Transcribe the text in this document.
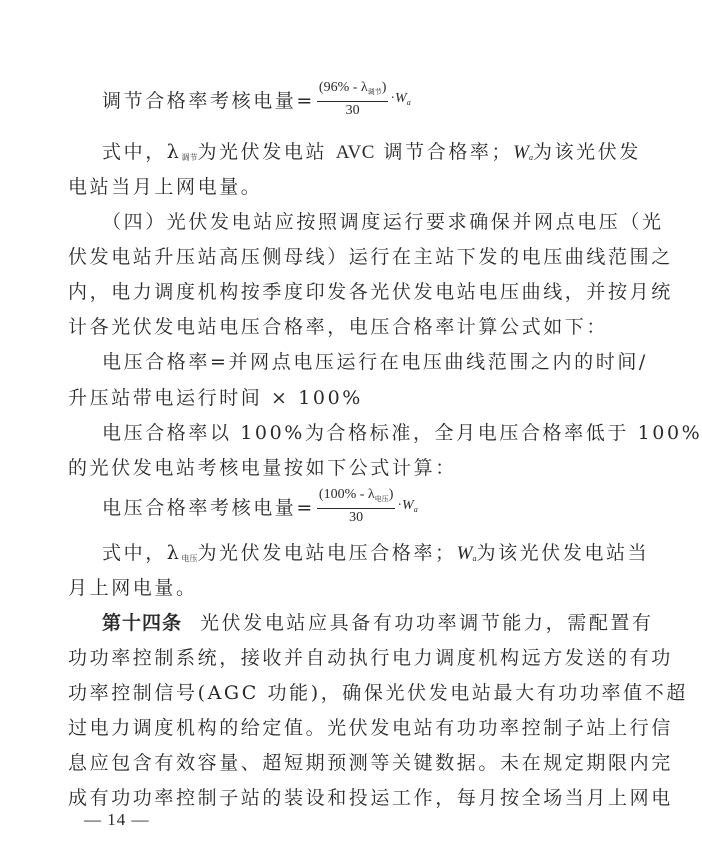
调节合格率考核电量= $\frac{(96\% - \lambda_{调节})}{30} \cdot W_a$
式中，$\lambda_{调节}$为光伏发电站 AVC 调节合格率；$W_a$为该光伏发
电站当月上网电量。
（四）光伏发电站应按照调度运行要求确保并网点电压（光
伏发电站升压站高压侧母线）运行在主站下发的电压曲线范围之
内，电力调度机构按季度印发各光伏发电站电压曲线，并按月统
计各光伏发电站电压合格率，电压合格率计算公式如下：
电压合格率=并网点电压运行在电压曲线范围之内的时间/
升压站带电运行时间 × 100%
电压合格率以 100%为合格标准，全月电压合格率低于 100%
的光伏发电站考核电量按如下公式计算：
电压合格率考核电量= $\frac{(100\% - \lambda_{电压})}{30} \cdot W_a$
式中，$\lambda_{电压}$为光伏发电站电压合格率；$W_a$为该光伏发电站当
月上网电量。
第十四条 光伏发电站应具备有功功率调节能力，需配置有
功功率控制系统，接收并自动执行电力调度机构远方发送的有功
功率控制信号(AGC 功能)，确保光伏发电站最大有功功率值不超
过电力调度机构的给定值。光伏发电站有功功率控制子站上行信
息应包含有效容量、超短期预测等关键数据。未在规定期限内完
成有功功率控制子站的装设和投运工作，每月按全场当月上网电
— 14 —
